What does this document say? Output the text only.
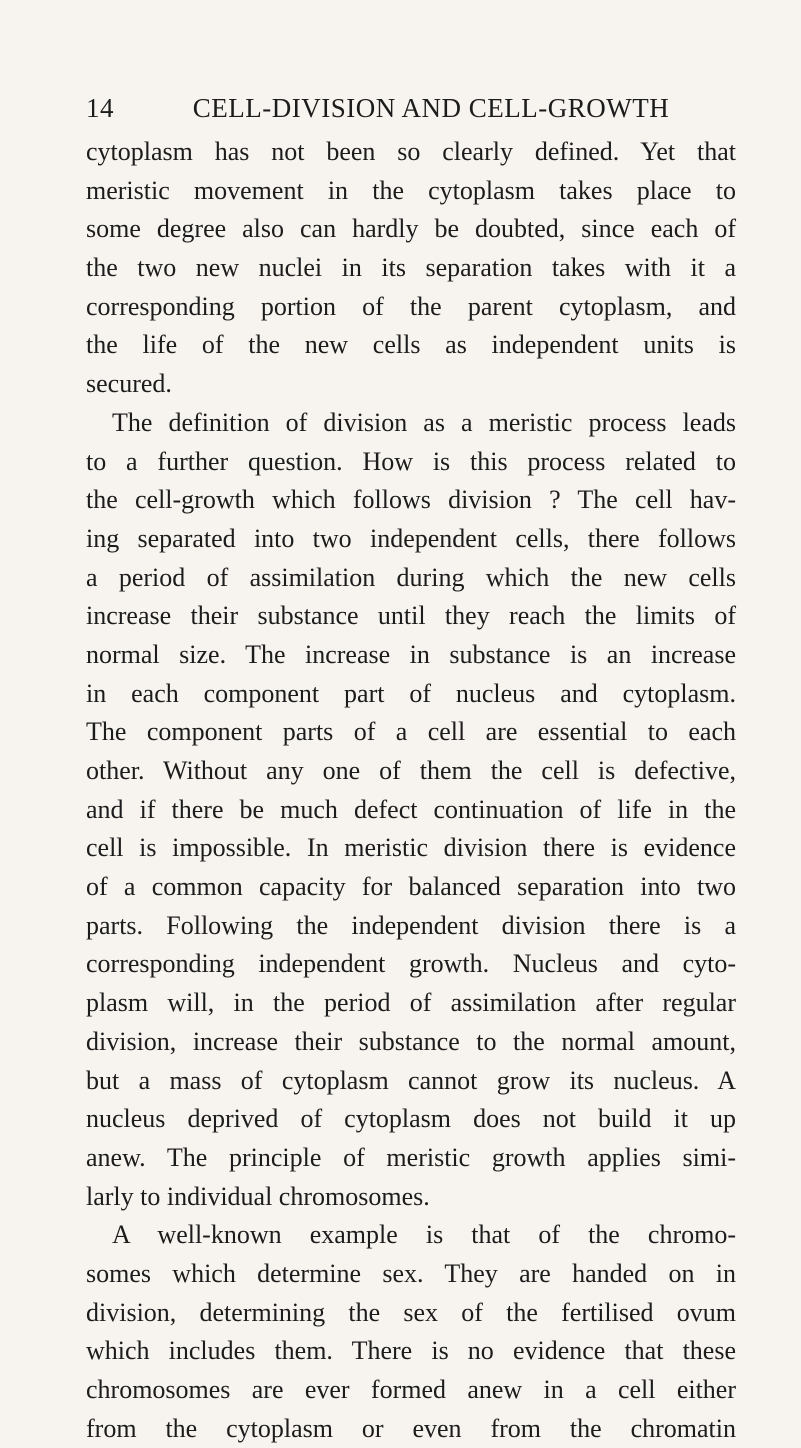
14	CELL-DIVISION AND CELL-GROWTH
cytoplasm has not been so clearly defined. Yet that
meristic movement in the cytoplasm takes place to
some degree also can hardly be doubted, since each of
the two new nuclei in its separation takes with it a
corresponding portion of the parent cytoplasm, and
the life of the new cells as independent units is
secured.
The definition of division as a meristic process leads
to a further question. How is this process related to
the cell-growth which follows division ? The cell hav-
ing separated into two independent cells, there follows
a period of assimilation during which the new cells
increase their substance until they reach the limits of
normal size. The increase in substance is an increase
in each component part of nucleus and cytoplasm.
The component parts of a cell are essential to each
other. Without any one of them the cell is defective,
and if there be much defect continuation of life in the
cell is impossible. In meristic division there is evidence
of a common capacity for balanced separation into two
parts. Following the independent division there is a
corresponding independent growth. Nucleus and cyto-
plasm will, in the period of assimilation after regular
division, increase their substance to the normal amount,
but a mass of cytoplasm cannot grow its nucleus. A
nucleus deprived of cytoplasm does not build it up
anew. The principle of meristic growth applies simi-
larly to individual chromosomes.
A well-known example is that of the chromo-
somes which determine sex. They are handed on in
division, determining the sex of the fertilised ovum
which includes them. There is no evidence that these
chromosomes are ever formed anew in a cell either
from the cytoplasm or even from the chromatin
